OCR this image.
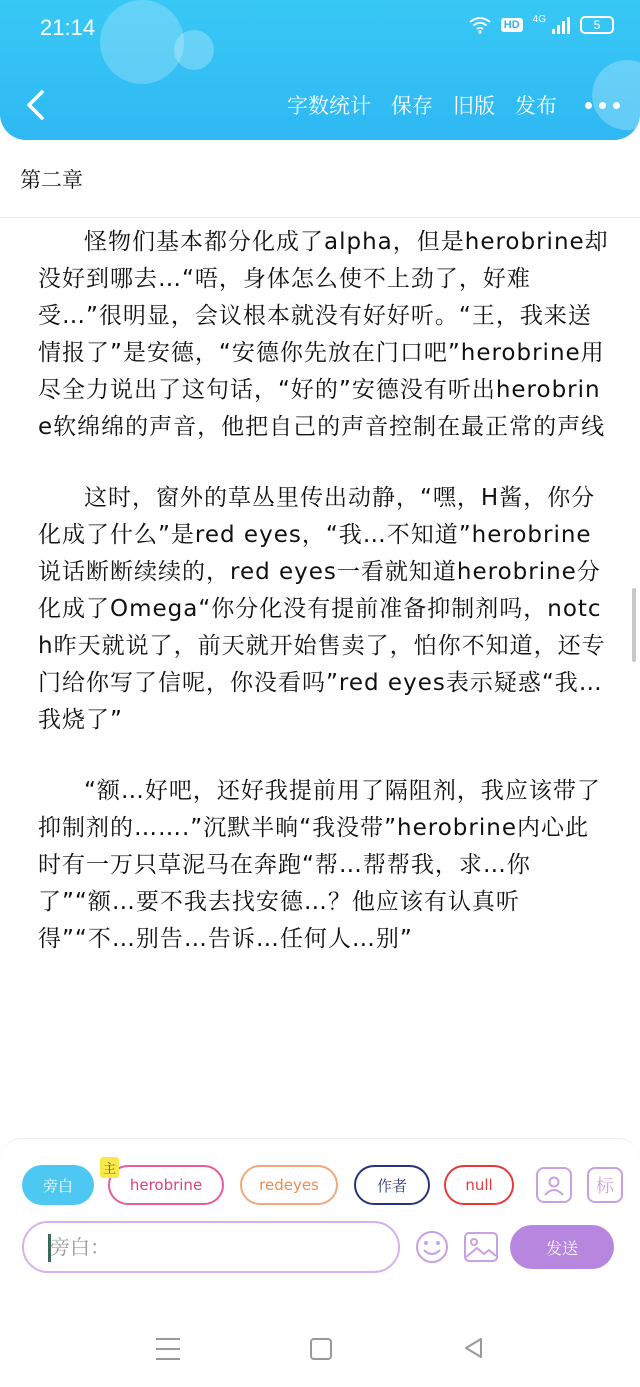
21:14	HD	4G	5
字数统计 保存 旧版 发布
第二章

怪物们基本都分化成了alpha，但是herobrine却没好到哪去…“唔，身体怎么使不上劲了，好难受…”很明显，会议根本就没有好好听。“王，我来送情报了”是安德，“安德你先放在门口吧”herobrine用尽全力说出了这句话，“好的”安德没有听出herobrine软绵绵的声音，他把自己的声音控制在最正常的声线

这时，窗外的草丛里传出动静，“嘿，H酱，你分化成了什么”是red eyes，“我…不知道”herobrine说话断断续续的，red eyes一看就知道herobrine分化成了Omega“你分化没有提前准备抑制剂吗，notch昨天就说了，前天就开始售卖了，怕你不知道，还专门给你写了信呢，你没看吗”red eyes表示疑惑“我…我烧了”

“额…好吧，还好我提前用了隔阻剂，我应该带了抑制剂的…….”沉默半晌“我没带”herobrine内心此时有一万只草泥马在奔跑“帮…帮帮我，求…你了”“额…要不我去找安德…？他应该有认真听得”“不…别告…告诉…任何人…别”

旁白
主
herobrine	redeyes	作者	null	标
旁白：
发送
